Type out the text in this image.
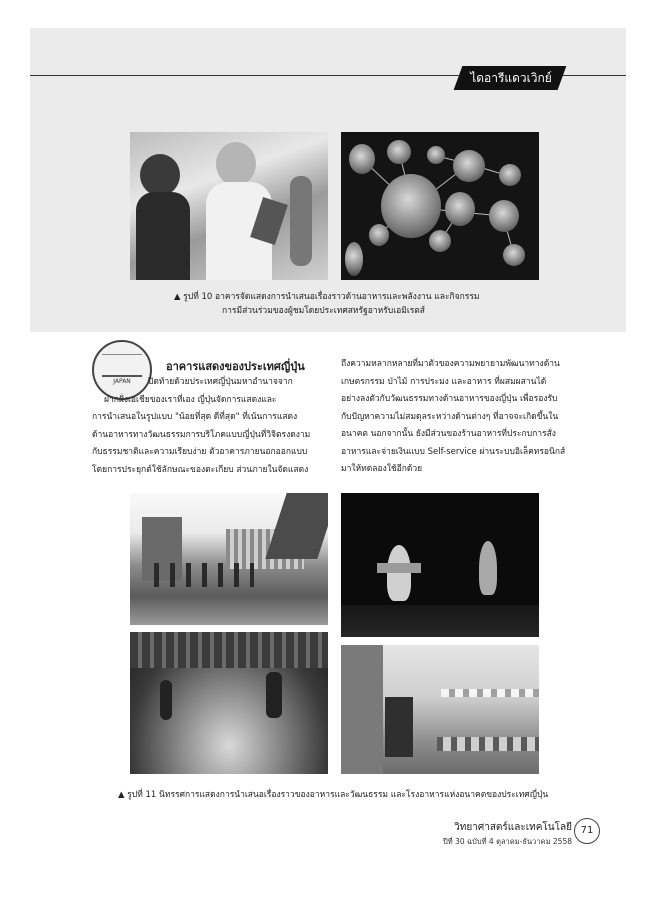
ไดอารีแดวเวิกย์
▲ รูปที่ 10 อาคารจัดแสดงการนำเสนอเรื่องราวด้านอาหารและพลังงาน และกิจกรรม
การมีส่วนร่วมของผู้ชมโดยประเทศสหรัฐอาหรับเอมิเรตส์
JAPAN
อาคารแสดงของประเทศญี่ปุ่น

ปิดท้ายด้วยประเทศญี่ปุ่นมหาอำนาจจาก

ฝากฝั่งเอเชียของเราที่เอง ญี่ปุ่นจัดการแสดงและ

การนำเสนอในรูปแบบ "น้อยที่สุด ดีที่สุด" ที่เน้นการแสดง

ด้านอาหารทางวัฒนธรรมการบริโภคแบบญี่ปุ่นที่วิจิตรงดงาม

กับธรรมชาติและความเรียบง่าย ตัวอาคารภายนอกออกแบบ

โดยการประยุกต์ใช้ลักษณะของตะเกียบ ส่วนภายในจัดแสดง

ถึงความหลากหลายที่มาตัวของความพยายามพัฒนาทางด้าน

เกษตรกรรม ป่าไม้ การประมง และอาหาร ที่ผสมผสานได้

อย่างลงตัวกับวัฒนธรรมทางด้านอาหารของญี่ปุ่น เพื่อรองรับ

กับปัญหาความไม่สมดุลระหว่างด้านต่างๆ ที่อาจจะเกิดขึ้นใน

อนาคต นอกจากนั้น ยังมีส่วนของร้านอาหารที่ประกบการสั่ง

อาหารและจ่ายเงินแบบ Self-service ผ่านระบบอิเล็คทรอนิกส์

มาให้ทดลองใช้อีกด้วย

▲ รูปที่ 11 นิทรรศการแสดงการนำเสนอเรื่องราวของอาหารและวัฒนธรรม และโรงอาหารแห่งอนาคตของประเทศญี่ปุ่น
วิทยาศาสตร์และเทคโนโลยี
ปีที่ 30 ฉบับที่ 4 ตุลาคม-ธันวาคม 2558
71
